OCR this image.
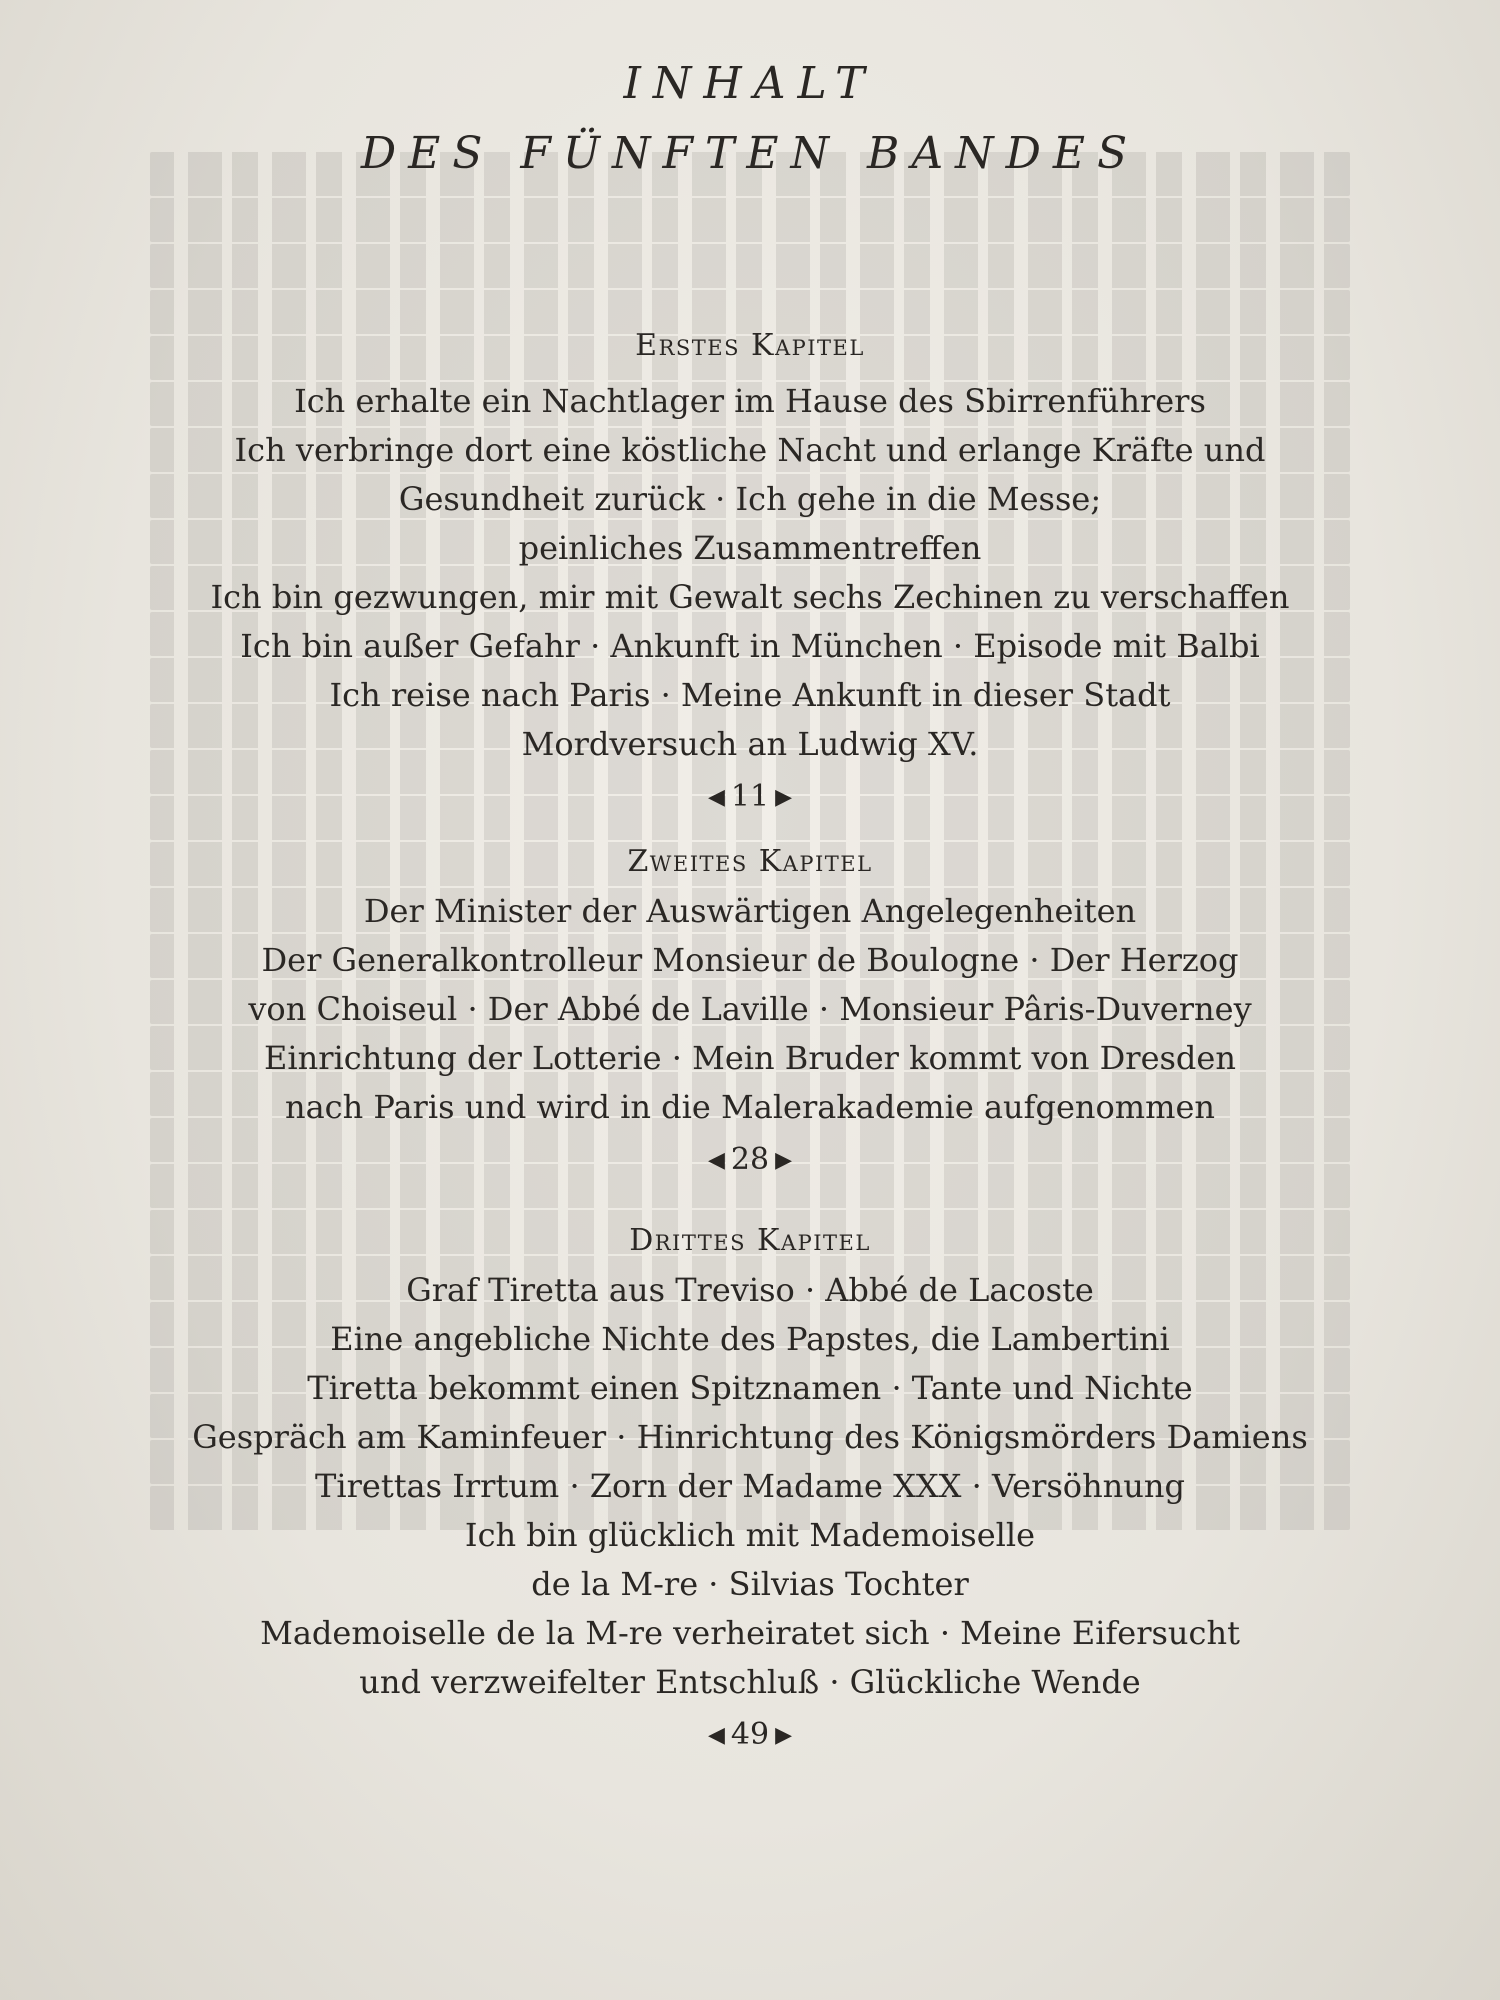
INHALT

DES FÜNFTEN BANDES

Erstes Kapitel

Ich erhalte ein Nachtlager im Hause des Sbirrenführers

Ich verbringe dort eine köstliche Nacht und erlange Kräfte und

Gesundheit zurück · Ich gehe in die Messe;

peinliches Zusammentreffen

Ich bin gezwungen, mir mit Gewalt sechs Zechinen zu verschaffen

Ich bin außer Gefahr · Ankunft in München · Episode mit Balbi

Ich reise nach Paris · Meine Ankunft in dieser Stadt

Mordversuch an Ludwig XV.

◀ 11 ▶

Zweites Kapitel

Der Minister der Auswärtigen Angelegenheiten

Der Generalkontrolleur Monsieur de Boulogne · Der Herzog

von Choiseul · Der Abbé de Laville · Monsieur Pâris-Duverney

Einrichtung der Lotterie · Mein Bruder kommt von Dresden

nach Paris und wird in die Malerakademie aufgenommen

◀ 28 ▶

Drittes Kapitel

Graf Tiretta aus Treviso · Abbé de Lacoste

Eine angebliche Nichte des Papstes, die Lambertini

Tiretta bekommt einen Spitznamen · Tante und Nichte

Gespräch am Kaminfeuer · Hinrichtung des Königsmörders Damiens

Tirettas Irrtum · Zorn der Madame XXX · Versöhnung

Ich bin glücklich mit Mademoiselle

de la M-re · Silvias Tochter

Mademoiselle de la M-re verheiratet sich · Meine Eifersucht

und verzweifelter Entschluß · Glückliche Wende

◀ 49 ▶
